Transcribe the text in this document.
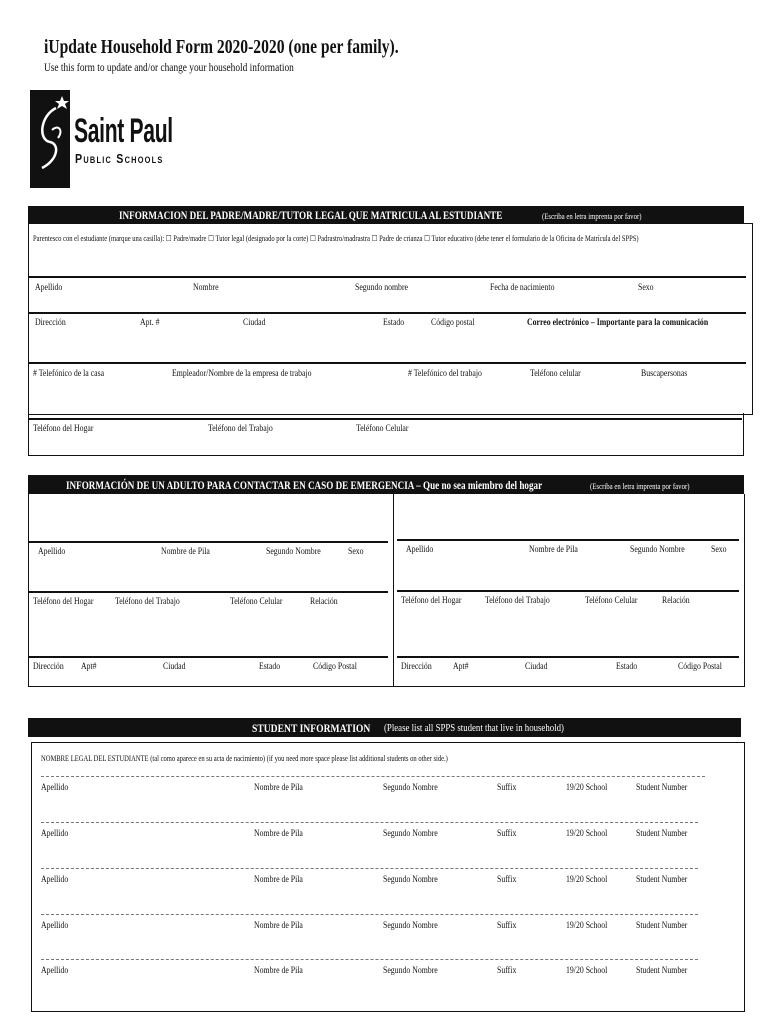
iUpdate Household Form 2020-2020 (one per family).
Use this form to update and/or change your household information
Saint Paul
Public Schools
INFORMACION DEL PADRE/MADRE/TUTOR LEGAL QUE MATRICULA AL ESTUDIANTE	(Escriba en letra imprenta por favor)
Parentesco con el estudiante (marque una casilla): ☐ Padre/madre ☐ Tutor legal (designado por la corte) ☐ Padrastro/madrastra ☐ Padre de crianza ☐ Tutor educativo (debe tener el formulario de la Oficina de Matrícula del SPPS)
Apellido	Nombre	Segundo nombre	Fecha de nacimiento	Sexo
Dirección	Apt. #	Ciudad	Estado	Código postal	Correo electrónico – Importante para la comunicación
# Telefónico de la casa	Empleador/Nombre de la empresa de trabajo	# Telefónico del trabajo	Teléfono celular	Buscapersonas
Teléfono del Hogar	Teléfono del Trabajo	Teléfono Celular
INFORMACIÓN DE UN ADULTO PARA CONTACTAR EN CASO DE EMERGENCIA – Que no sea miembro del hogar	(Escriba en letra imprenta por favor)
Apellido	Nombre de Pila	Segundo Nombre	Sexo
Teléfono del Hogar Teléfono del Trabajo	Teléfono Celular	Relación
Dirección Apt#	Ciudad	Estado	Código Postal
Apellido	Nombre de Pila	Segundo Nombre	Sexo
Teléfono del Hogar Teléfono del Trabajo	Teléfono Celular	Relación
Dirección Apt#	Ciudad	Estado	Código Postal
STUDENT INFORMATION (Please list all SPPS student that live in household)
NOMBRE LEGAL DEL ESTUDIANTE (tal como aparece en su acta de nacimiento) (if you need more space please list additional students on other side.)
Apellido	Nombre de Pila	Segundo Nombre	Suffix	19/20 School	Student Number
Apellido	Nombre de Pila	Segundo Nombre	Suffix	19/20 School	Student Number
Apellido	Nombre de Pila	Segundo Nombre	Suffix	19/20 School	Student Number
Apellido	Nombre de Pila	Segundo Nombre	Suffix	19/20 School	Student Number
Apellido	Nombre de Pila	Segundo Nombre	Suffix	19/20 School	Student Number
